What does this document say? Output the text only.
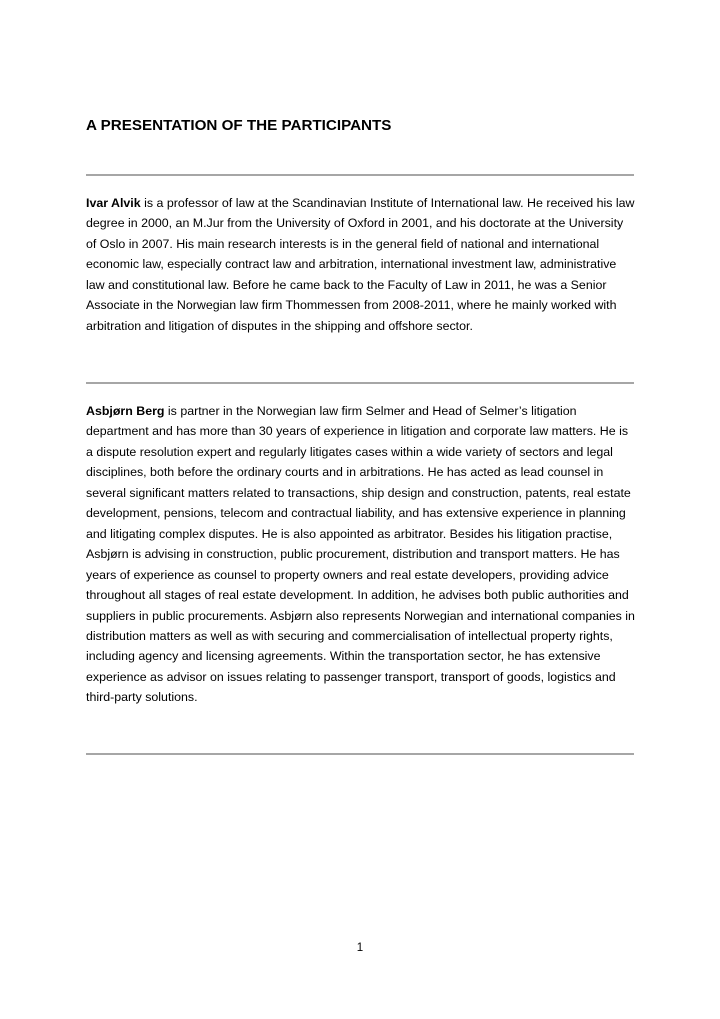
A PRESENTATION OF THE PARTICIPANTS

Ivar Alvik is a professor of law at the Scandinavian Institute of International law. He received his law degree in 2000, an M.Jur from the University of Oxford in 2001, and his doctorate at the University of Oslo in 2007. His main research interests is in the general field of national and international economic law, especially contract law and arbitration, international investment law, administrative law and constitutional law. Before he came back to the Faculty of Law in 2011, he was a Senior Associate in the Norwegian law firm Thommessen from 2008-2011, where he mainly worked with arbitration and litigation of disputes in the shipping and offshore sector.

Asbjørn Berg is partner in the Norwegian law firm Selmer and Head of Selmer’s litigation department and has more than 30 years of experience in litigation and corporate law matters. He is a dispute resolution expert and regularly litigates cases within a wide variety of sectors and legal disciplines, both before the ordinary courts and in arbitrations. He has acted as lead counsel in several significant matters related to transactions, ship design and construction, patents, real estate development, pensions, telecom and contractual liability, and has extensive experience in planning and litigating complex disputes. He is also appointed as arbitrator. Besides his litigation practise, Asbjørn is advising in construction, public procurement, distribution and transport matters. He has years of experience as counsel to property owners and real estate developers, providing advice throughout all stages of real estate development. In addition, he advises both public authorities and suppliers in public procurements. Asbjørn also represents Norwegian and international companies in distribution matters as well as with securing and commercialisation of intellectual property rights, including agency and licensing agreements. Within the transportation sector, he has extensive experience as advisor on issues relating to passenger transport, transport of goods, logistics and third-party solutions.

1
